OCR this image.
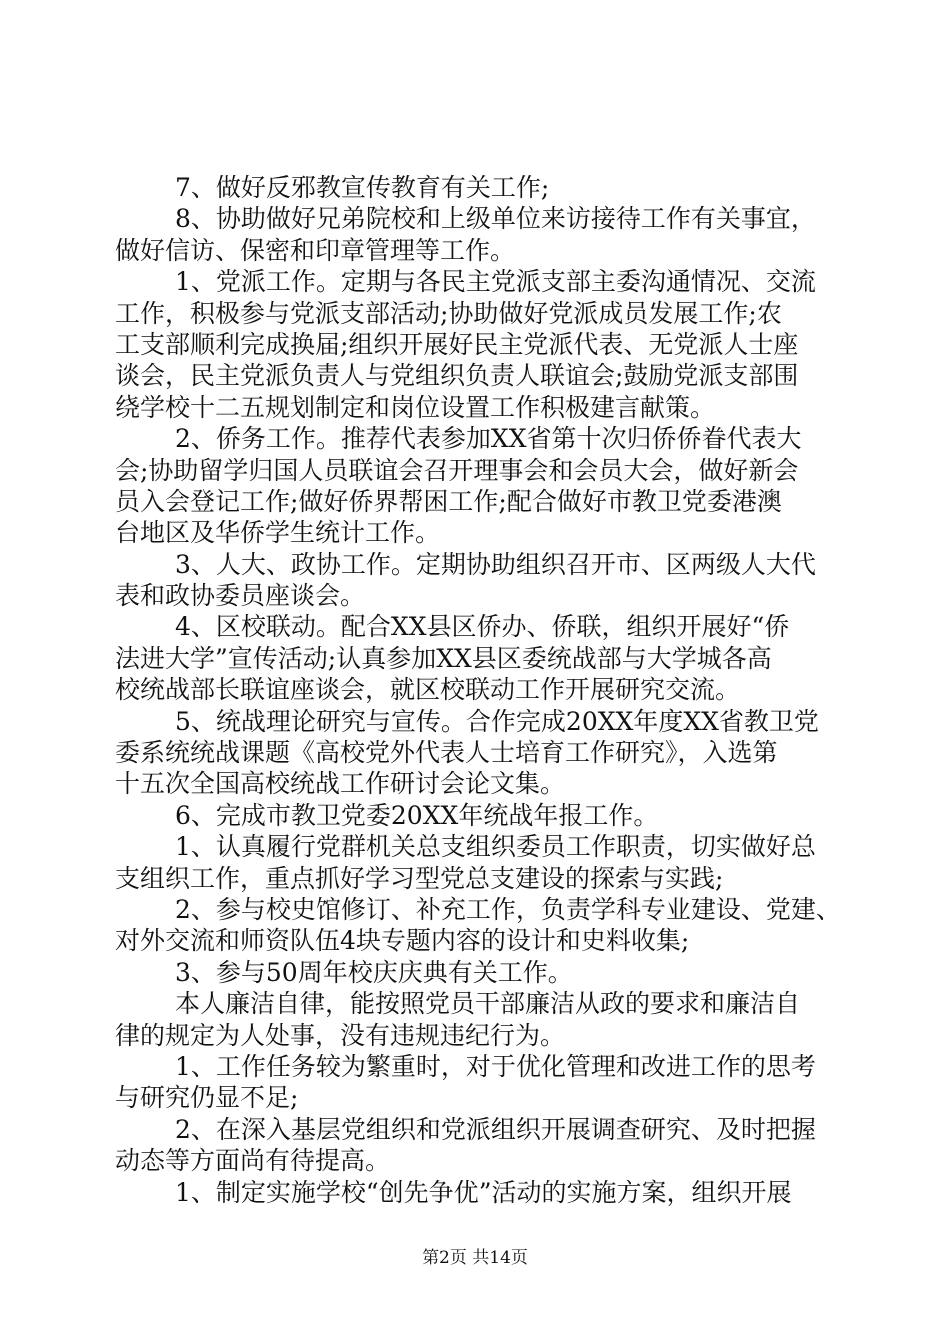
7、做好反邪教宣传教育有关工作;
8、协助做好兄弟院校和上级单位来访接待工作有关事宜，
做好信访、保密和印章管理等工作。
1、党派工作。定期与各民主党派支部主委沟通情况、交流
工作，积极参与党派支部活动;协助做好党派成员发展工作;农
工支部顺利完成换届;组织开展好民主党派代表、无党派人士座
谈会，民主党派负责人与党组织负责人联谊会;鼓励党派支部围
绕学校十二五规划制定和岗位设置工作积极建言献策。
2、侨务工作。推荐代表参加XX省第十次归侨侨眷代表大
会;协助留学归国人员联谊会召开理事会和会员大会，做好新会
员入会登记工作;做好侨界帮困工作;配合做好市教卫党委港澳
台地区及华侨学生统计工作。
3、人大、政协工作。定期协助组织召开市、区两级人大代
表和政协委员座谈会。
4、区校联动。配合XX县区侨办、侨联，组织开展好“侨
法进大学”宣传活动;认真参加XX县区委统战部与大学城各高
校统战部长联谊座谈会，就区校联动工作开展研究交流。
5、统战理论研究与宣传。合作完成20XX年度XX省教卫党
委系统统战课题《高校党外代表人士培育工作研究》，入选第
十五次全国高校统战工作研讨会论文集。
6、完成市教卫党委20XX年统战年报工作。
1、认真履行党群机关总支组织委员工作职责，切实做好总
支组织工作，重点抓好学习型党总支建设的探索与实践;
2、参与校史馆修订、补充工作，负责学科专业建设、党建、
对外交流和师资队伍4块专题内容的设计和史料收集;
3、参与50周年校庆庆典有关工作。
本人廉洁自律，能按照党员干部廉洁从政的要求和廉洁自
律的规定为人处事，没有违规违纪行为。
1、工作任务较为繁重时，对于优化管理和改进工作的思考
与研究仍显不足;
2、在深入基层党组织和党派组织开展调查研究、及时把握
动态等方面尚有待提高。
1、制定实施学校“创先争优”活动的实施方案，组织开展
第2页 共14页
